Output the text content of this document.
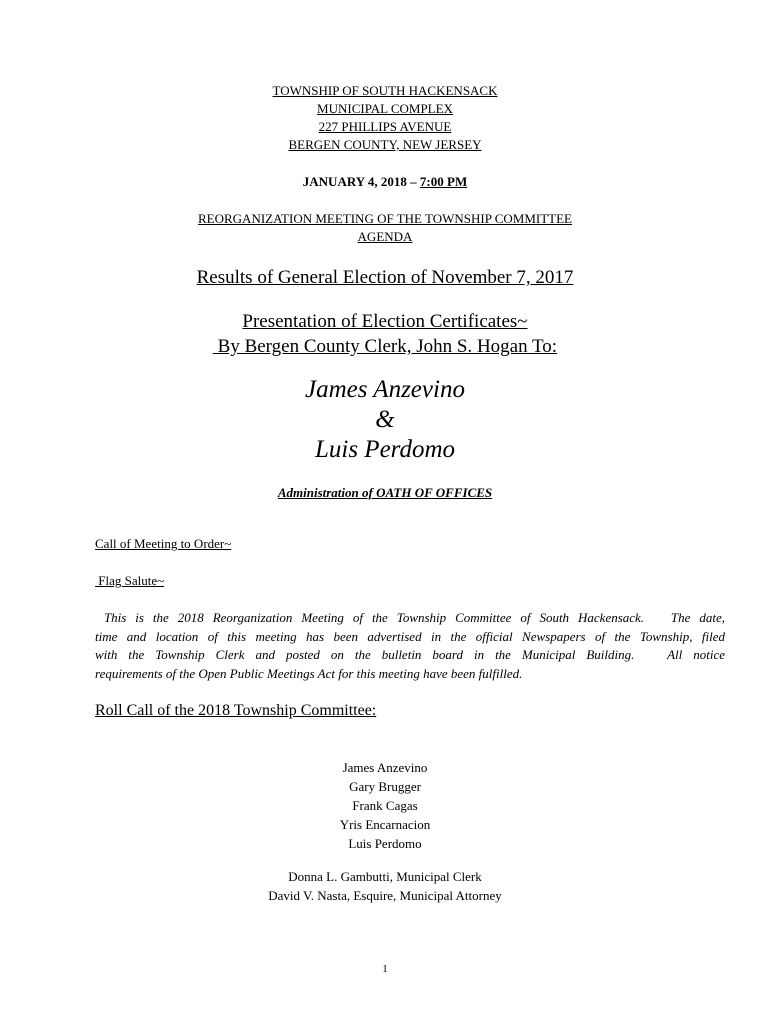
TOWNSHIP OF SOUTH HACKENSACK
MUNICIPAL COMPLEX
227 PHILLIPS AVENUE
BERGEN COUNTY, NEW JERSEY
JANUARY 4, 2018 – 7:00 PM
REORGANIZATION MEETING OF THE TOWNSHIP COMMITTEE
AGENDA
Results of General Election of November 7, 2017
Presentation of Election Certificates~
By Bergen County Clerk, John S. Hogan To:
James Anzevino
&
Luis Perdomo
Administration of OATH OF OFFICES
Call of Meeting to Order~
Flag Salute~
This is the 2018 Reorganization Meeting of the Township Committee of South Hackensack.   The date,
time and location of this meeting has been advertised in the official Newspapers of the Township, filed
with the Township Clerk and posted on the bulletin board in the Municipal Building.   All notice
requirements of the Open Public Meetings Act for this meeting have been fulfilled.
Roll Call of the 2018 Township Committee:
James Anzevino
Gary Brugger
Frank Cagas
Yris Encarnacion
Luis Perdomo
Donna L. Gambutti, Municipal Clerk
David V. Nasta, Esquire, Municipal Attorney
1
